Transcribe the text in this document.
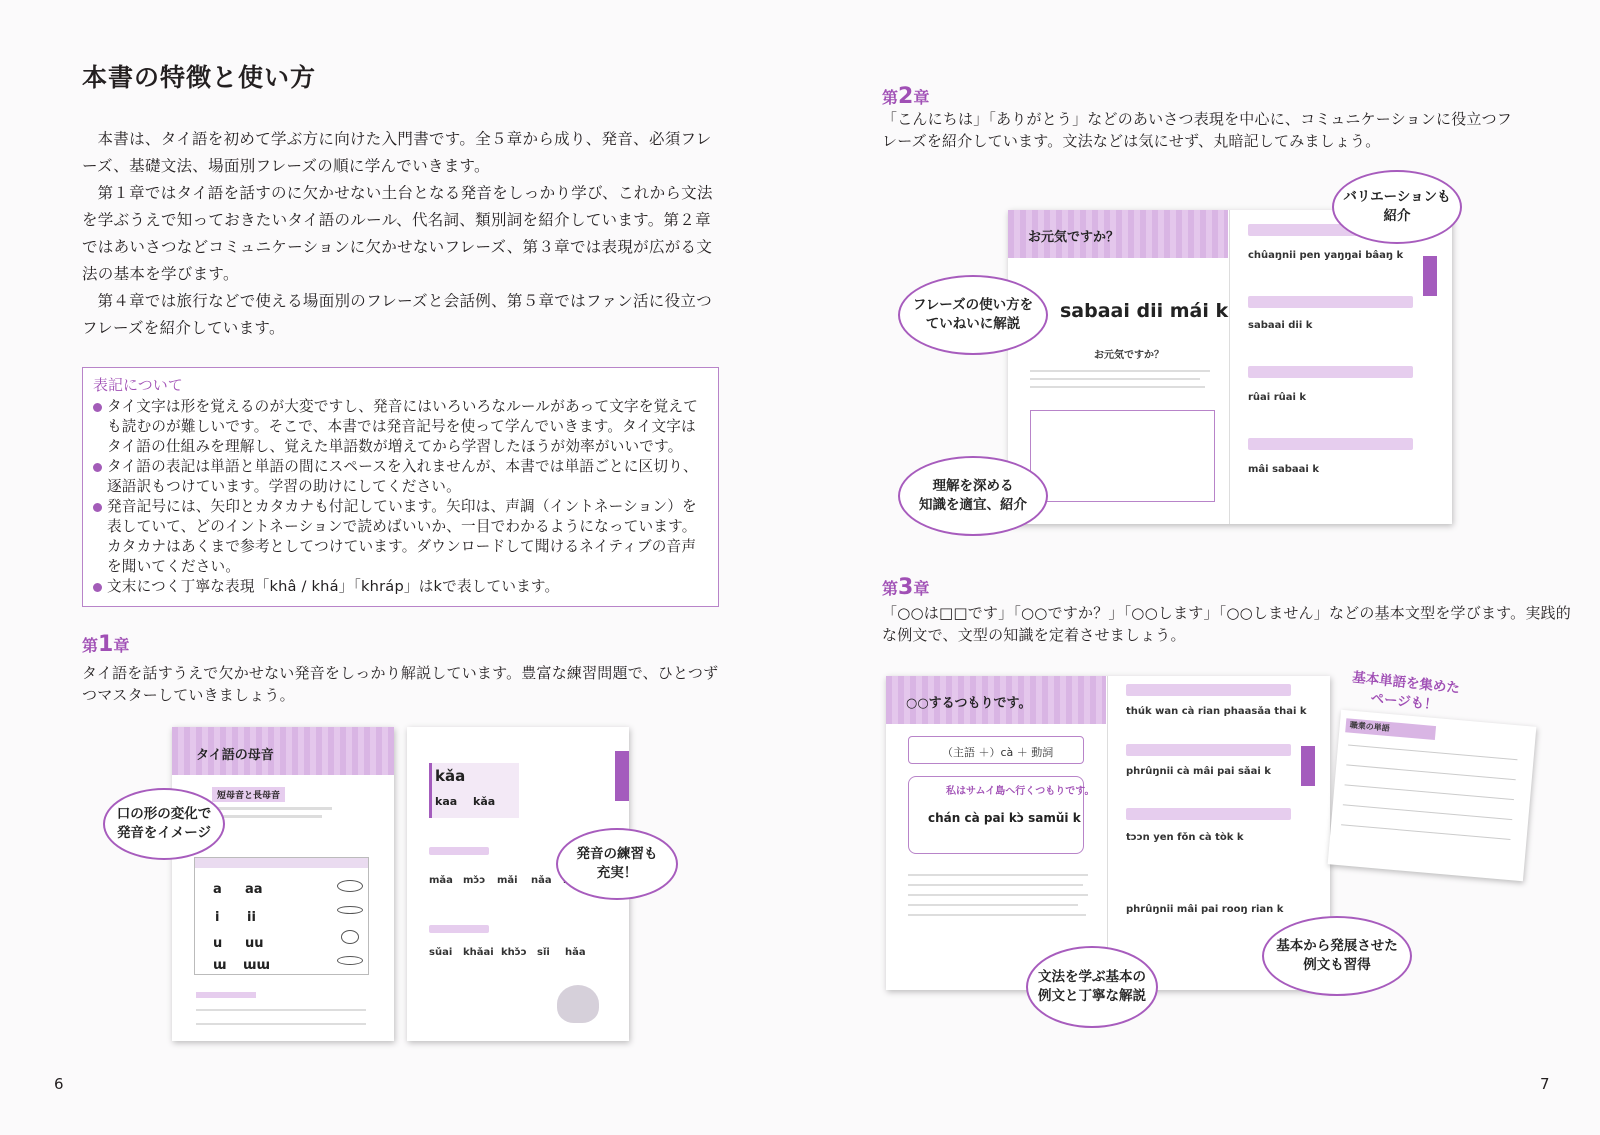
本書の特徴と使い方

本書は、タイ語を初めて学ぶ方に向けた入門書です。全５章から成り、発音、必須フレーズ、基礎文法、場面別フレーズの順に学んでいきます。

第１章ではタイ語を話すのに欠かせない土台となる発音をしっかり学び、これから文法を学ぶうえで知っておきたいタイ語のルール、代名詞、類別詞を紹介しています。第２章ではあいさつなどコミュニケーションに欠かせないフレーズ、第３章では表現が広がる文法の基本を学びます。

第４章では旅行などで使える場面別のフレーズと会話例、第５章ではファン活に役立つフレーズを紹介しています。

表記について
タイ文字は形を覚えるのが大変ですし、発音にはいろいろなルールがあって文字を覚えても読むのが難しいです。そこで、本書では発音記号を使って学んでいきます。タイ文字はタイ語の仕組みを理解し、覚えた単語数が増えてから学習したほうが効率がいいです。
タイ語の表記は単語と単語の間にスペースを入れませんが、本書では単語ごとに区切り、逐語訳もつけています。学習の助けにしてください。
発音記号には、矢印とカタカナも付記しています。矢印は、声調（イントネーション）を表していて、どのイントネーションで読めばいいか、一目でわかるようになっています。カタカナはあくまで参考としてつけています。ダウンロードして聞けるネイティブの音声を聞いてください。
文末につく丁寧な表現「khâ / khá」「khráp」はkで表しています。
第1章
タイ語を話すうえで欠かせない発音をしっかり解説しています。豊富な練習問題で、ひとつずつマスターしていきましょう。
タイ語の母音
短母音と長母音
a aa
i ii
u uu
ɯ ɯɯ
kǎa
kaa kǎa
mǎa mɔ̌ɔ mǎi nǎa
sǔai khǎai khɔ̌ɔ sǐi hǎa
口の形の変化で
発音をイメージ
発音の練習も
充実！
6
第2章
「こんにちは」「ありがとう」などのあいさつ表現を中心に、コミュニケーションに役立つフレーズを紹介しています。文法などは気にせず、丸暗記してみましょう。
お元気ですか？
sabaai dii mái k
お元気ですか？
chûaŋnii pen yaŋŋai bâaŋ k
sabaai dii k
rûai rûai k
mâi sabaai k
バリエーションも
紹介
フレーズの使い方を
ていねいに解説
理解を深める
知識を適宜、紹介
第3章
「○○は□□です」「○○ですか？」「○○します」「○○しません」などの基本文型を学びます。実践的な例文で、文型の知識を定着させましょう。
○○するつもりです。
（主語 ＋）cà ＋ 動詞
私はサムイ島へ行くつもりです。
chán cà pai kɔ̀ samǔi k
thúk wan cà rian phaasǎa thai k
phrûŋnii cà mâi pai sǎai k
tɔɔn yen fǒn cà tòk k
phrûŋnii mâi pai rooŋ rian k
職業の単語
基本単語を集めた
ページも！
文法を学ぶ基本の
例文と丁寧な解説
基本から発展させた
例文も習得
7
